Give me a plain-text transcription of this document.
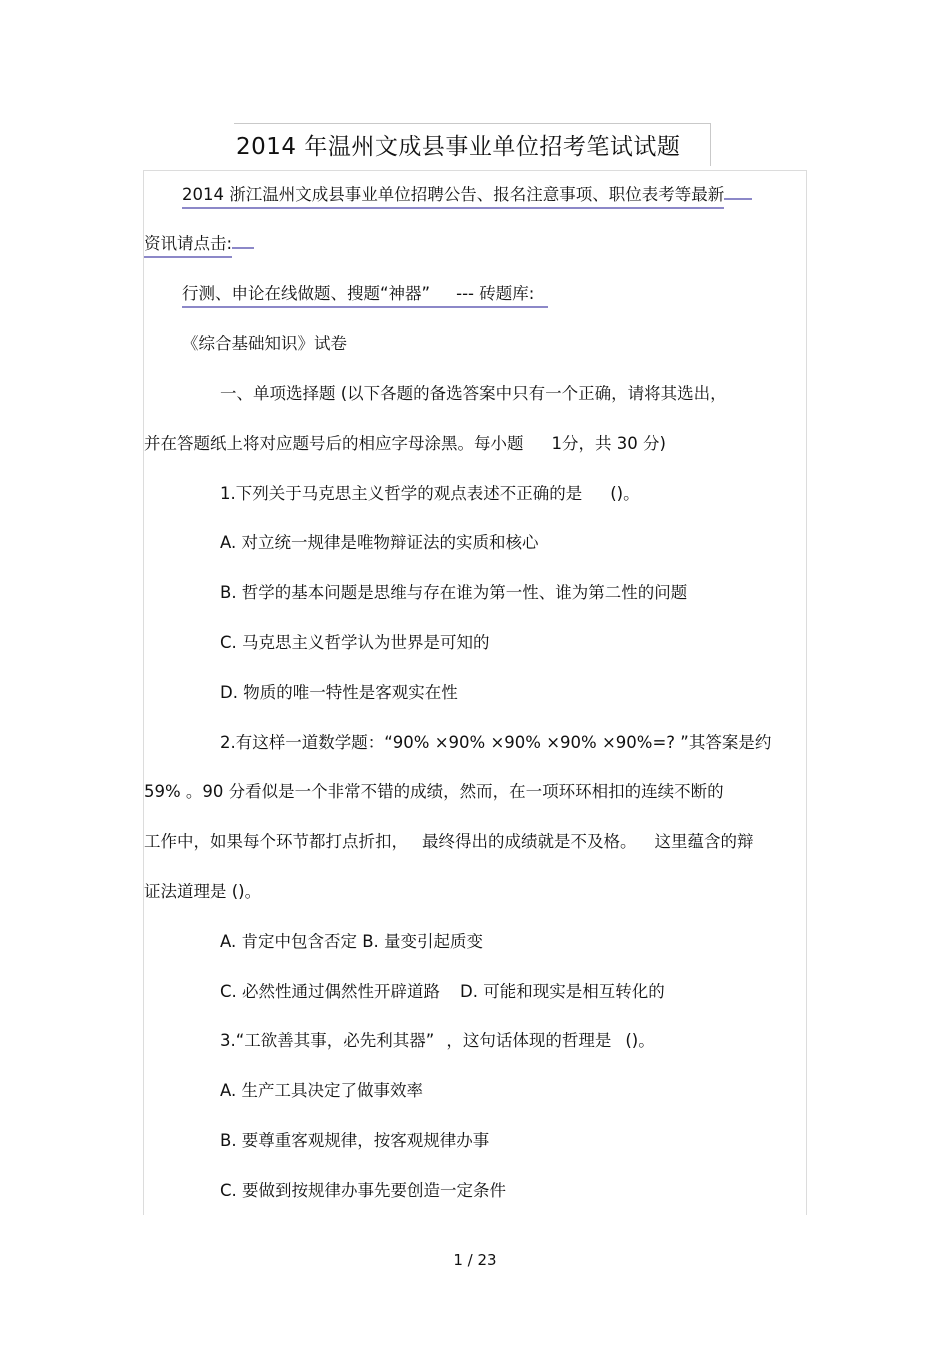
2014 年温州文成县事业单位招考笔试试题
2014 浙江温州文成县事业单位招聘公告、报名注意事项、职位表考等最新
资讯请点击:
行测、申论在线做题、搜题“神器” --- 砖题库:
《综合基础知识》试卷
一、单项选择题 (以下各题的备选答案中只有一个正确，请将其选出，
并在答题纸上将对应题号后的相应字母涂黑。每小题 1分，共 30 分)
1.下列关于马克思主义哲学的观点表述不正确的是 ()。
A. 对立统一规律是唯物辩证法的实质和核心
B. 哲学的基本问题是思维与存在谁为第一性、谁为第二性的问题
C. 马克思主义哲学认为世界是可知的
D. 物质的唯一特性是客观实在性
2.有这样一道数学题：“90% ×90% ×90% ×90% ×90%=? ”其答案是约
59% 。90 分看似是一个非常不错的成绩，然而，在一项环环相扣的连续不断的
工作中，如果每个环节都打点折扣， 最终得出的成绩就是不及格。 这里蕴含的辩
证法道理是 ()。
A. 肯定中包含否定 B. 量变引起质变
C. 必然性通过偶然性开辟道路 D. 可能和现实是相互转化的
3.“工欲善其事，必先利其器” ，这句话体现的哲理是 ()。
A. 生产工具决定了做事效率
B. 要尊重客观规律，按客观规律办事
C. 要做到按规律办事先要创造一定条件
1 / 23
